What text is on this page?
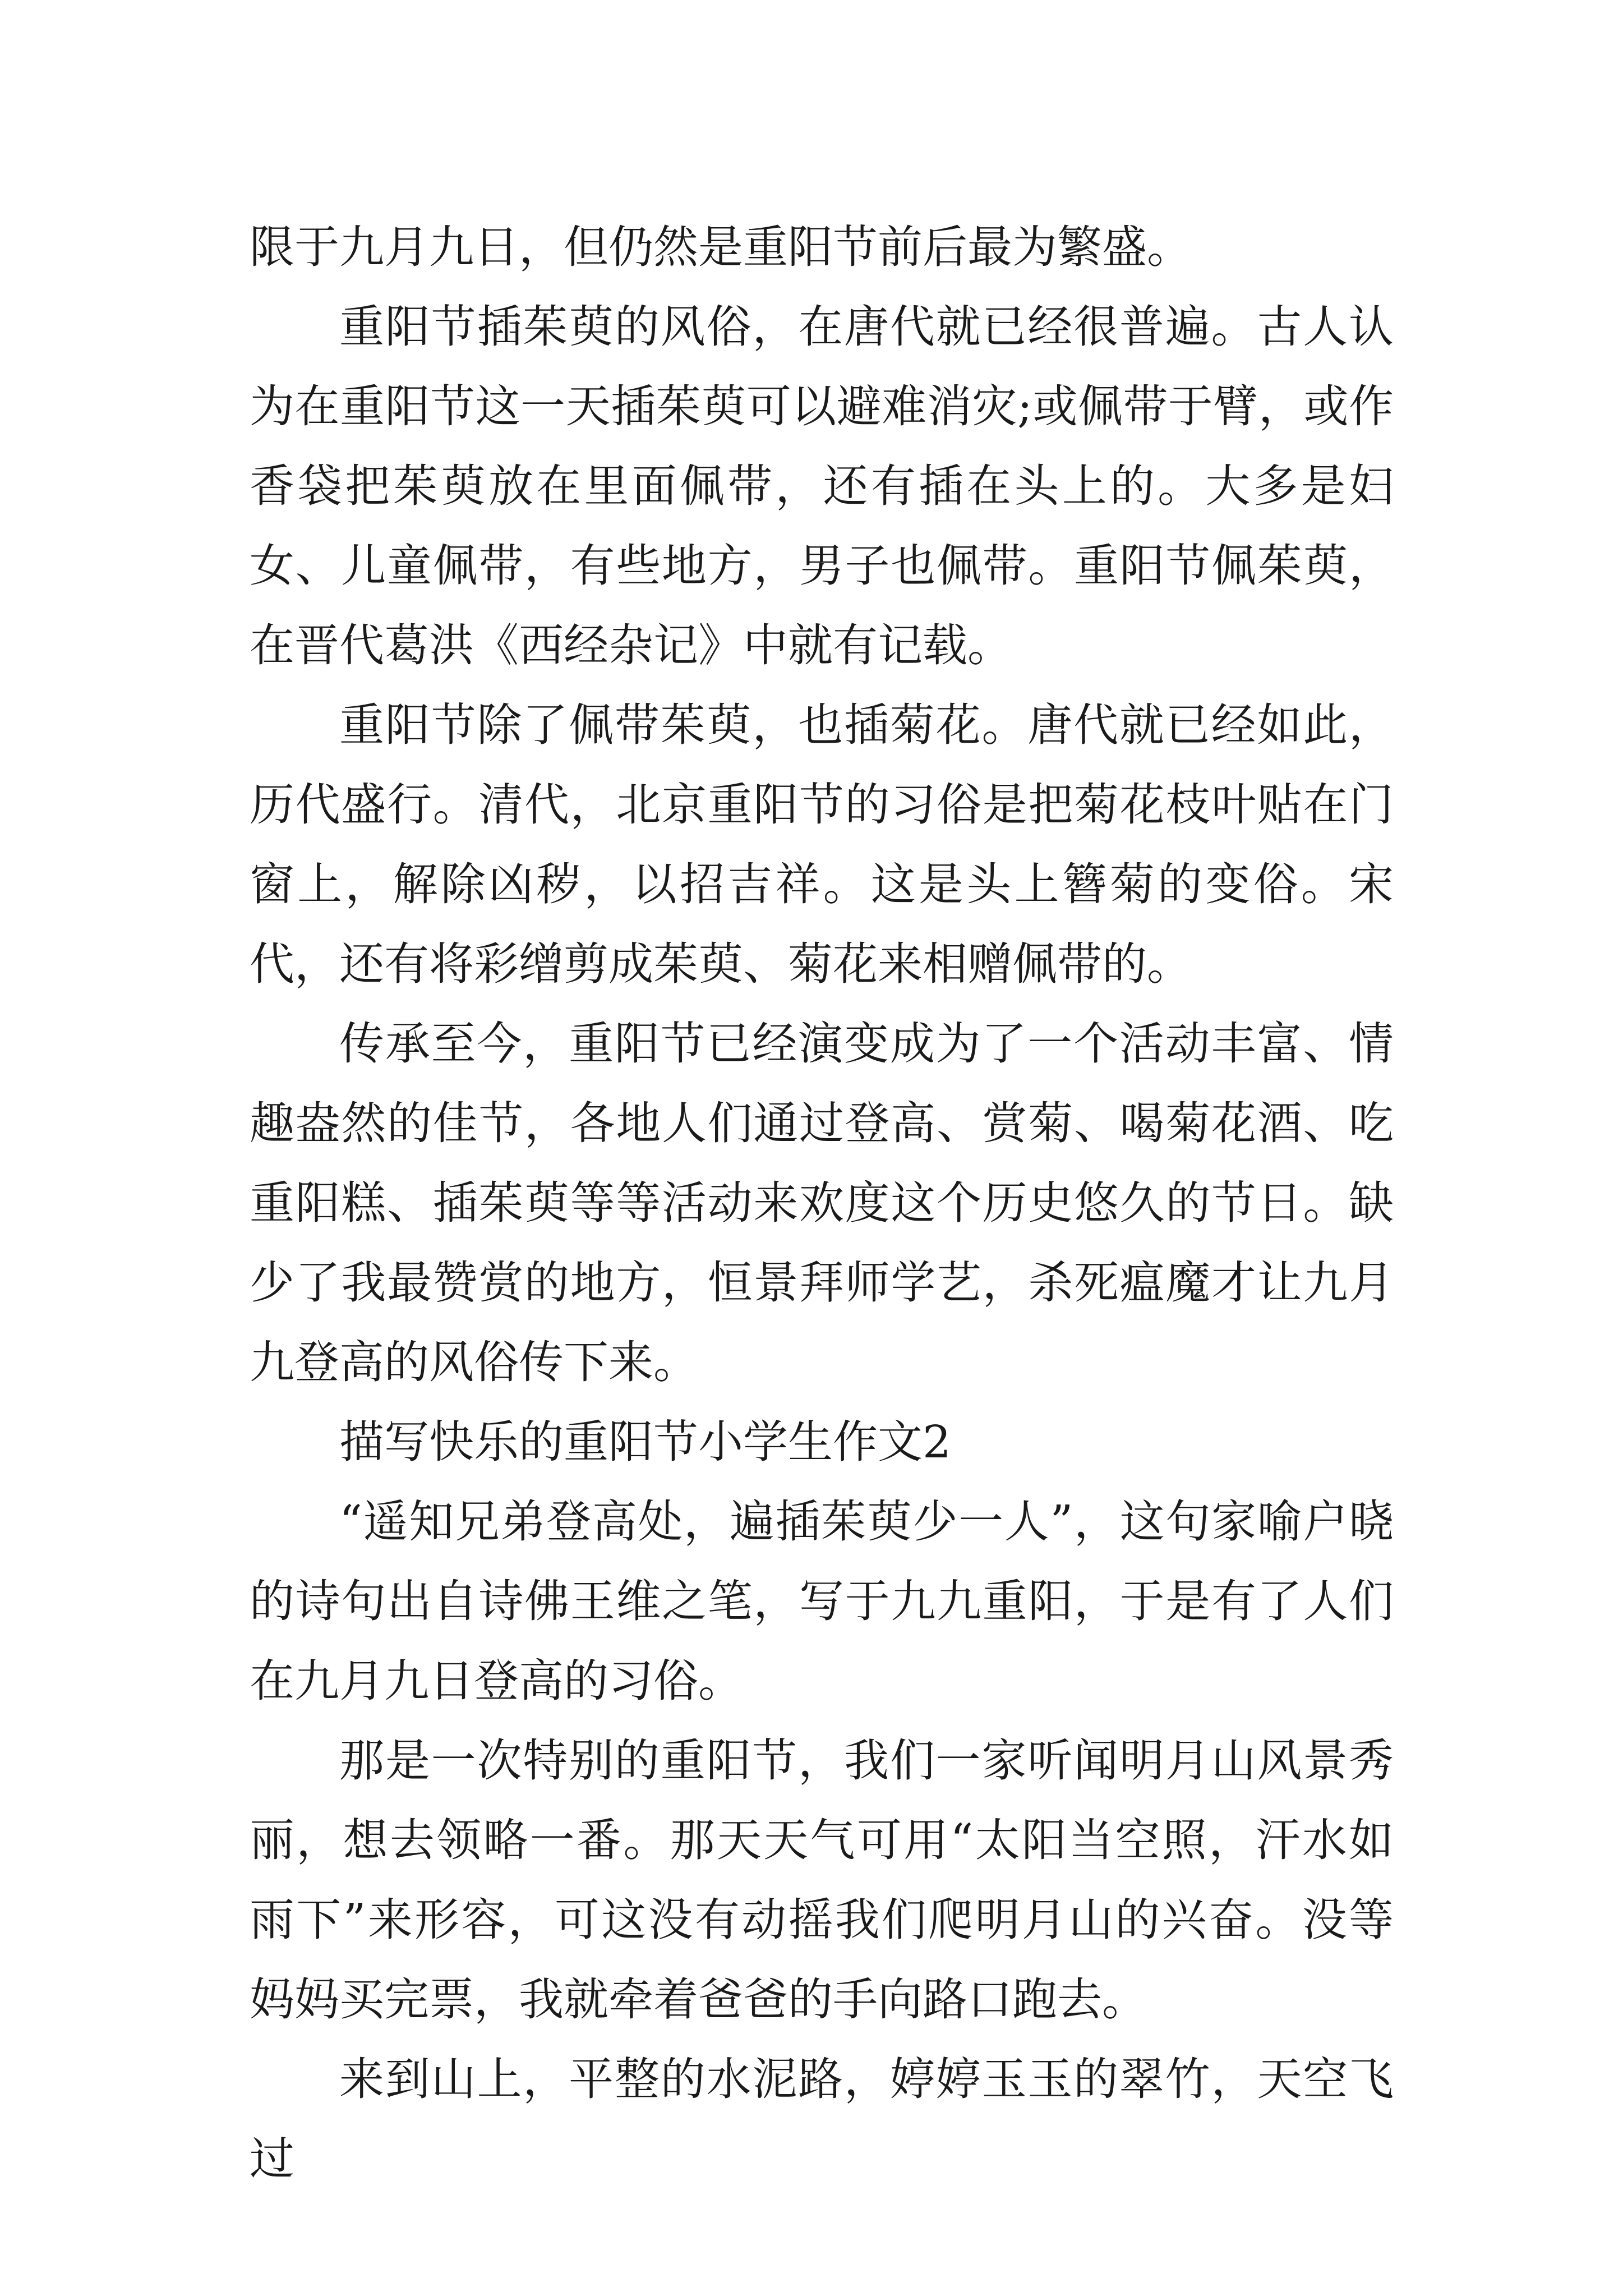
限于九月九日，但仍然是重阳节前后最为繁盛。

重阳节插茱萸的风俗，在唐代就已经很普遍。古人认为在重阳节这一天插茱萸可以避难消灾;或佩带于臂，或作香袋把茱萸放在里面佩带，还有插在头上的。大多是妇女、儿童佩带，有些地方，男子也佩带。重阳节佩茱萸，在晋代葛洪《西经杂记》中就有记载。

重阳节除了佩带茱萸，也插菊花。唐代就已经如此，历代盛行。清代，北京重阳节的习俗是把菊花枝叶贴在门窗上，解除凶秽，以招吉祥。这是头上簪菊的变俗。宋代，还有将彩缯剪成茱萸、菊花来相赠佩带的。

传承至今，重阳节已经演变成为了一个活动丰富、情趣盎然的佳节，各地人们通过登高、赏菊、喝菊花酒、吃重阳糕、插茱萸等等活动来欢度这个历史悠久的节日。缺少了我最赞赏的地方，恒景拜师学艺，杀死瘟魔才让九月九登高的风俗传下来。

描写快乐的重阳节小学生作文2

“遥知兄弟登高处，遍插茱萸少一人”，这句家喻户晓的诗句出自诗佛王维之笔，写于九九重阳，于是有了人们在九月九日登高的习俗。

那是一次特别的重阳节，我们一家听闻明月山风景秀丽，想去领略一番。那天天气可用“太阳当空照，汗水如雨下”来形容，可这没有动摇我们爬明月山的兴奋。没等妈妈买完票，我就牵着爸爸的手向路口跑去。

来到山上，平整的水泥路，婷婷玉玉的翠竹，天空飞过
